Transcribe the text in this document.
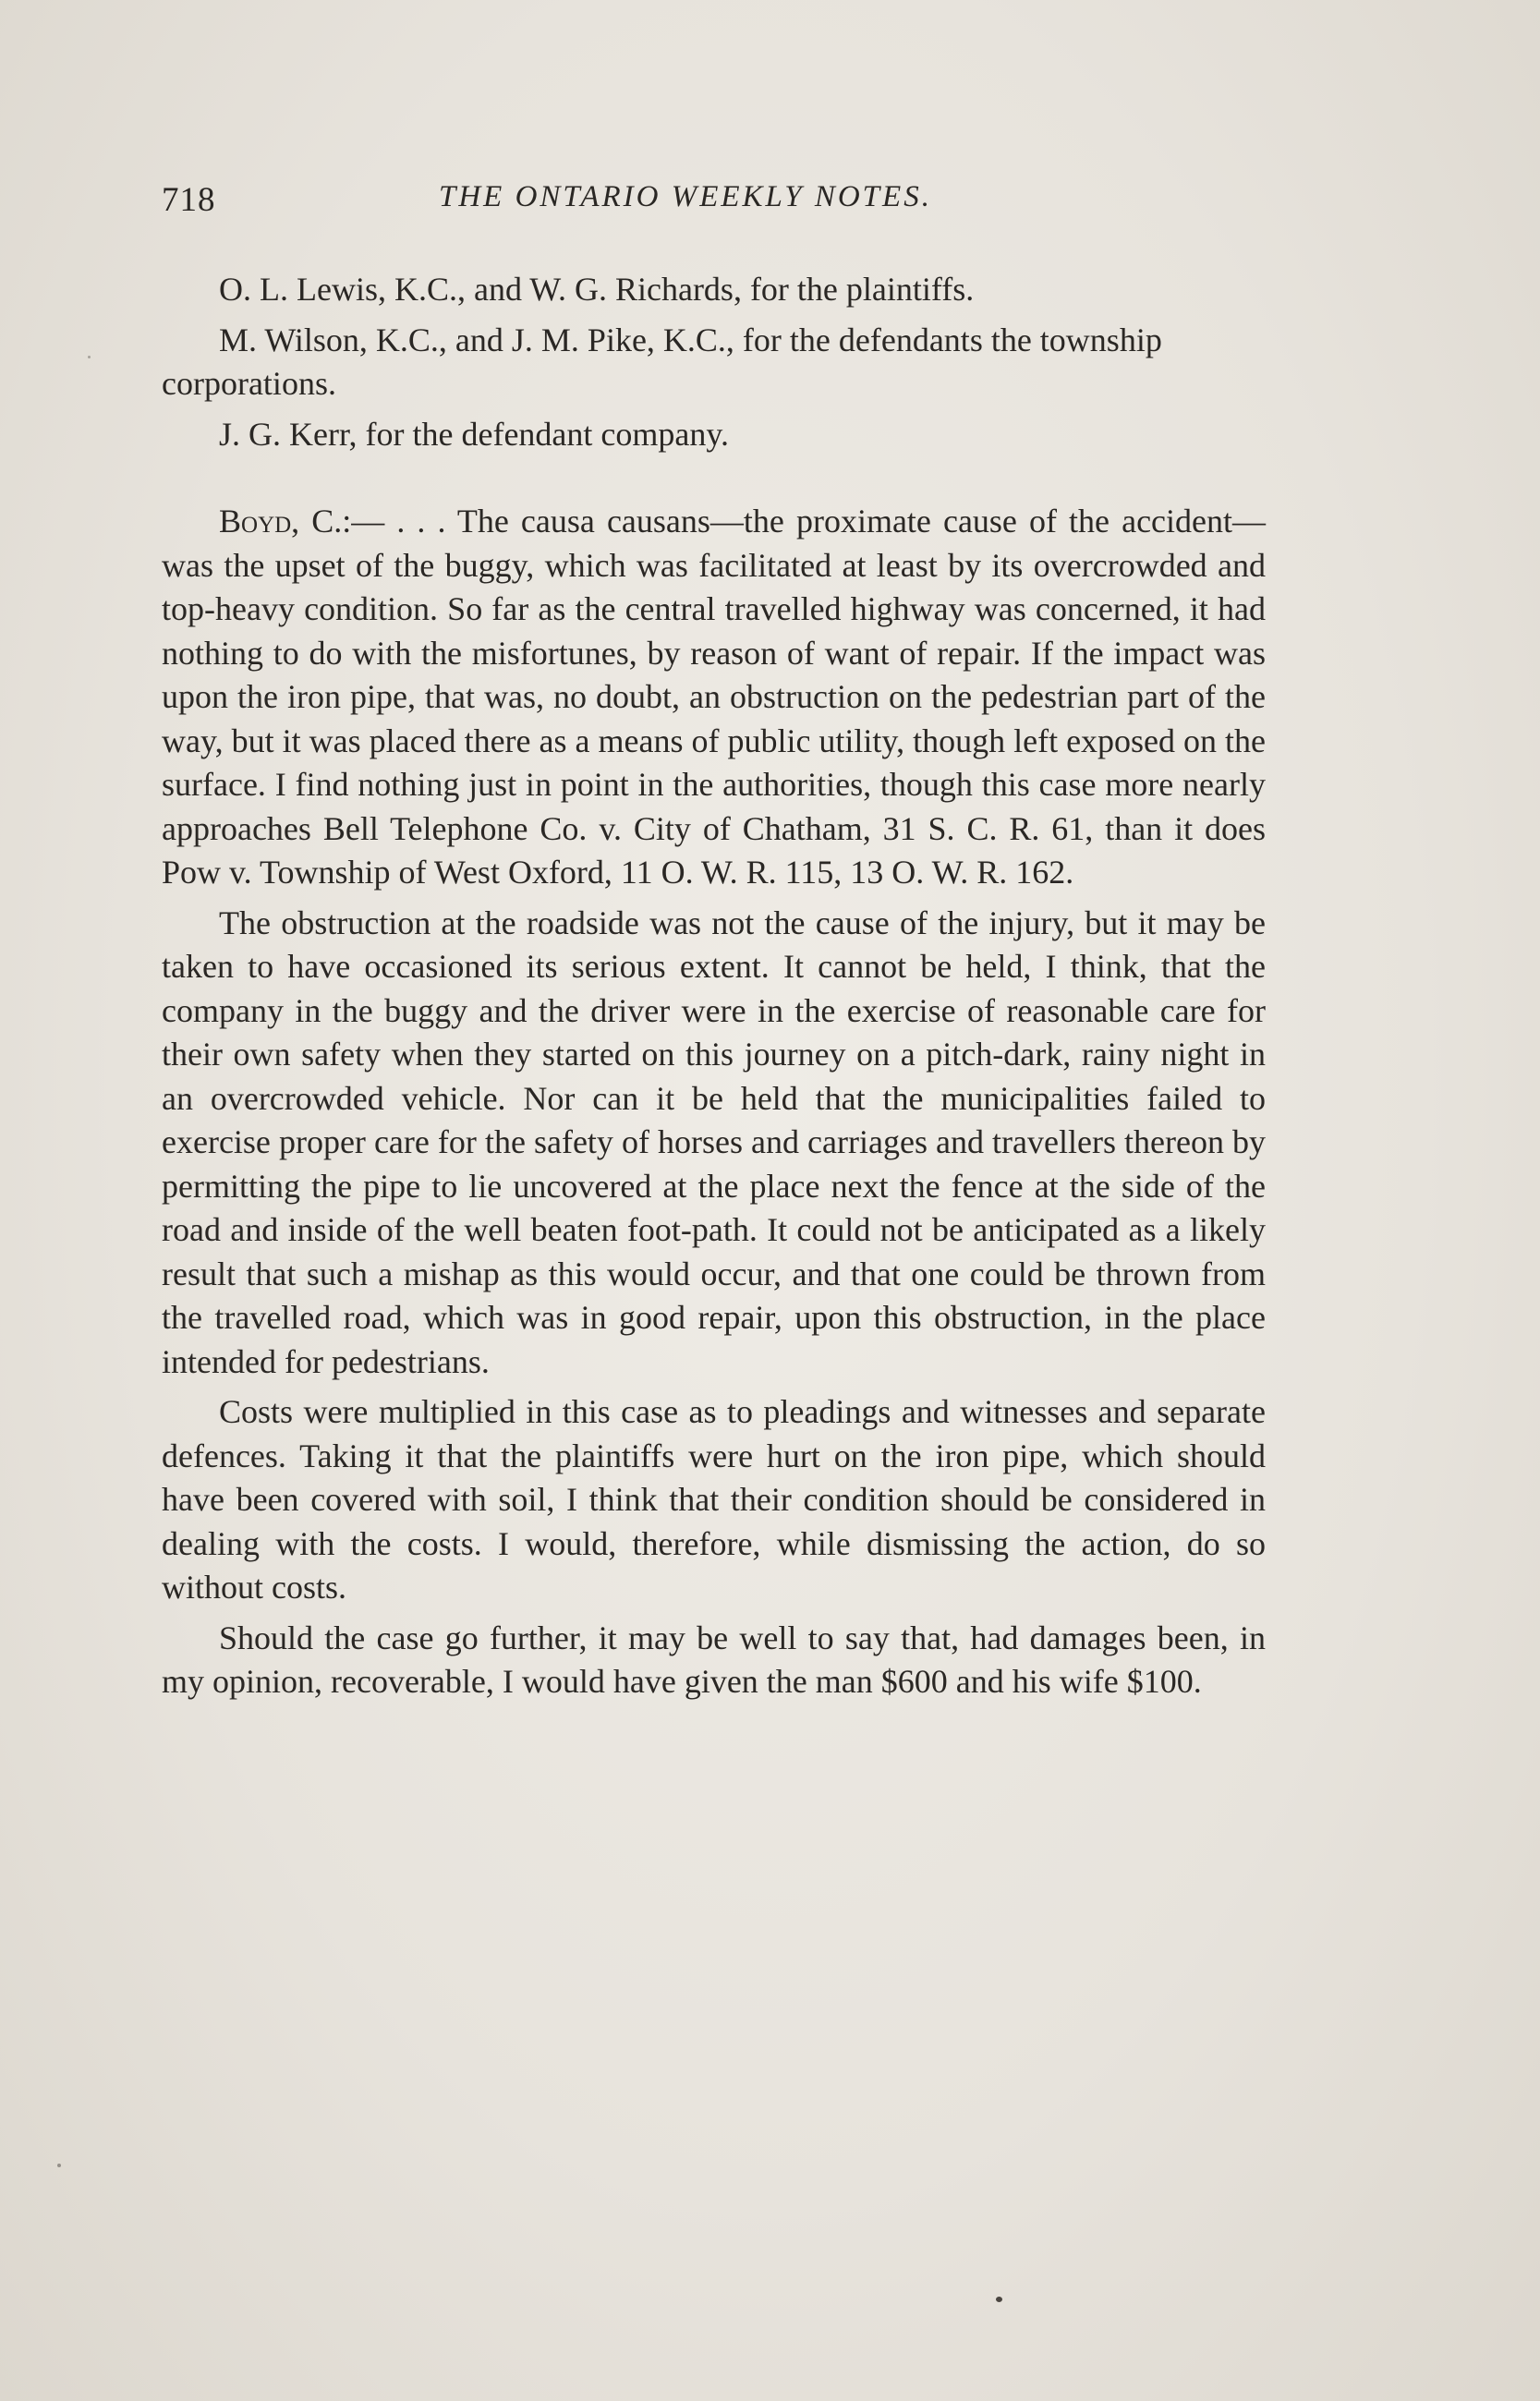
718	THE ONTARIO WEEKLY NOTES.

O. L. Lewis, K.C., and W. G. Richards, for the plaintiffs.

M. Wilson, K.C., and J. M. Pike, K.C., for the defendants the township corporations.

J. G. Kerr, for the defendant company.

Boyd, C.:— . . . The causa causans—the proximate cause of the accident—was the upset of the buggy, which was facilitated at least by its overcrowded and top-heavy condition. So far as the central travelled highway was concerned, it had nothing to do with the misfortunes, by reason of want of repair. If the impact was upon the iron pipe, that was, no doubt, an obstruction on the pedestrian part of the way, but it was placed there as a means of public utility, though left exposed on the surface. I find nothing just in point in the authorities, though this case more nearly approaches Bell Telephone Co. v. City of Chatham, 31 S. C. R. 61, than it does Pow v. Township of West Oxford, 11 O. W. R. 115, 13 O. W. R. 162.

The obstruction at the roadside was not the cause of the injury, but it may be taken to have occasioned its serious extent. It cannot be held, I think, that the company in the buggy and the driver were in the exercise of reasonable care for their own safety when they started on this journey on a pitch-dark, rainy night in an overcrowded vehicle. Nor can it be held that the municipalities failed to exercise proper care for the safety of horses and carriages and travellers thereon by permitting the pipe to lie uncovered at the place next the fence at the side of the road and inside of the well beaten foot-path. It could not be anticipated as a likely result that such a mishap as this would occur, and that one could be thrown from the travelled road, which was in good repair, upon this obstruction, in the place intended for pedestrians.

Costs were multiplied in this case as to pleadings and witnesses and separate defences. Taking it that the plaintiffs were hurt on the iron pipe, which should have been covered with soil, I think that their condition should be considered in dealing with the costs. I would, therefore, while dismissing the action, do so without costs.

Should the case go further, it may be well to say that, had damages been, in my opinion, recoverable, I would have given the man $600 and his wife $100.
